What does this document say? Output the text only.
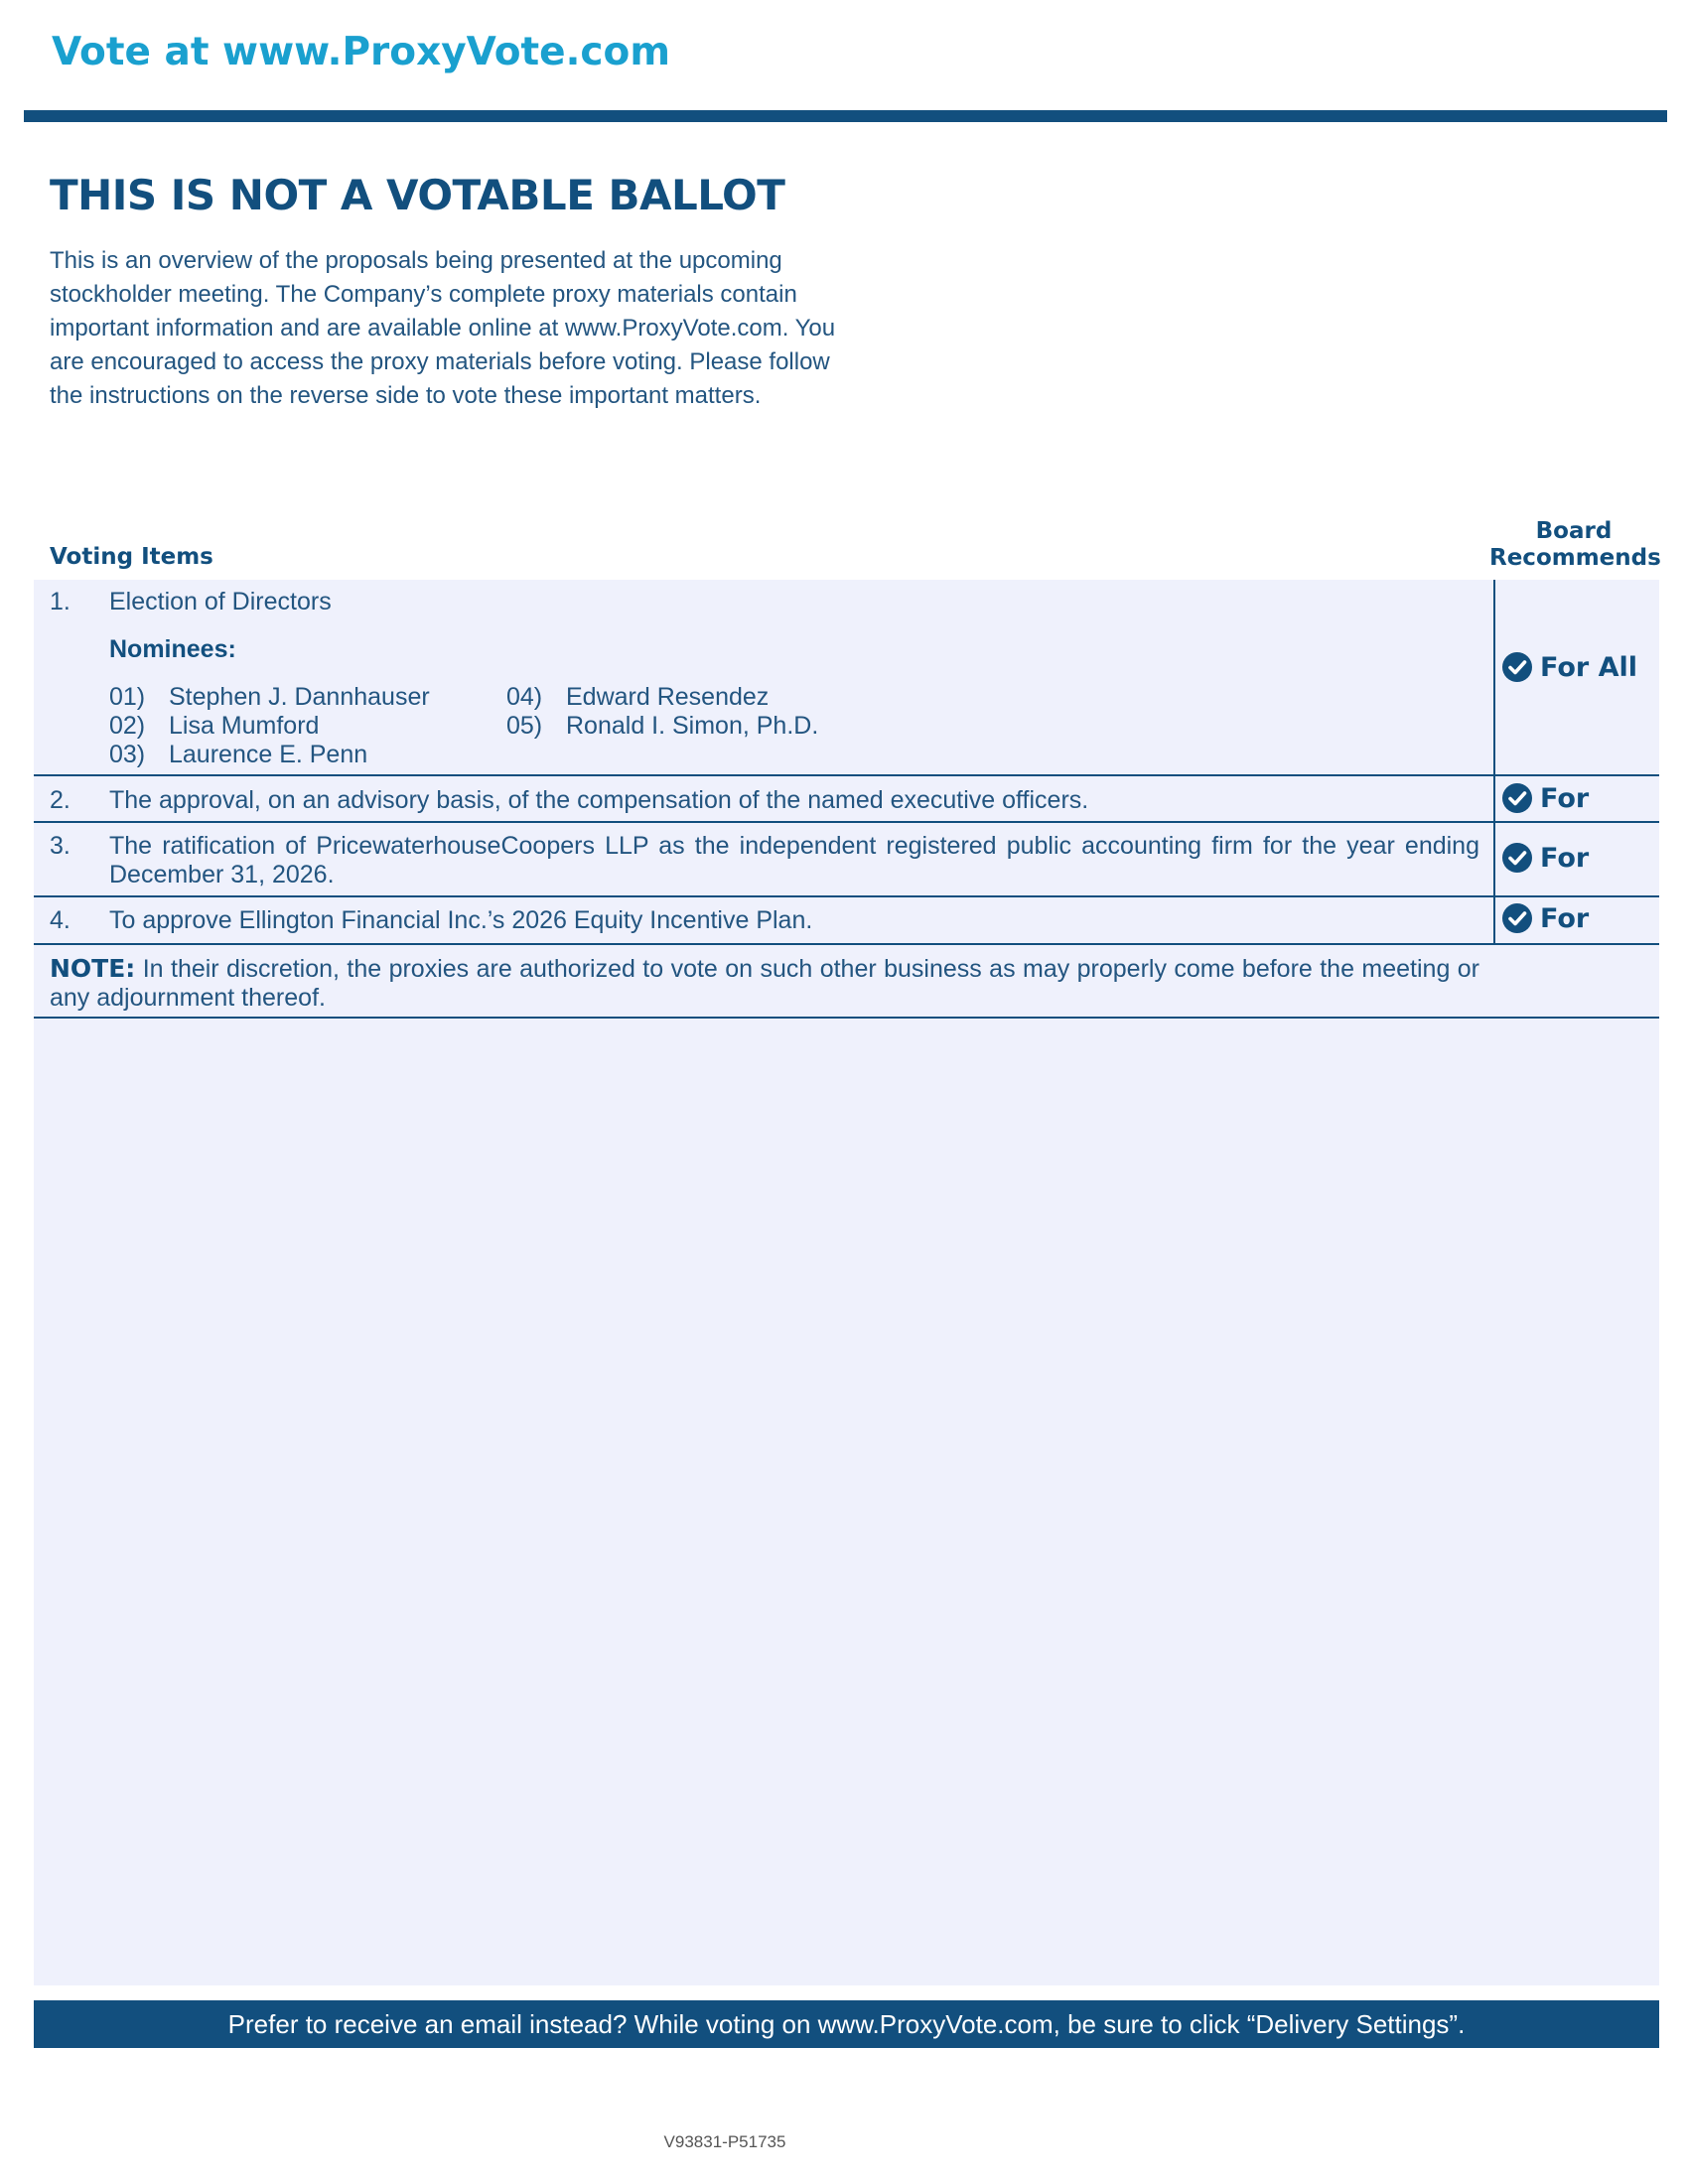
Vote at www.ProxyVote.com
THIS IS NOT A VOTABLE BALLOT
This is an overview of the proposals being presented at the upcoming stockholder meeting. The Company’s complete proxy materials contain important information and are available online at www.ProxyVote.com. You are encouraged to access the proxy materials before voting. Please follow the instructions on the reverse side to vote these important matters.
Voting Items
Board Recommends
1. Election of Directors
Nominees:
01) Stephen J. Dannhauser
02) Lisa Mumford
03) Laurence E. Penn
04) Edward Resendez
05) Ronald I. Simon, Ph.D.
For All
2. The approval, on an advisory basis, of the compensation of the named executive officers.	For
3. The ratification of PricewaterhouseCoopers LLP as the independent registered public accounting firm for the year ending December 31, 2026.
For
4. To approve Ellington Financial Inc.’s 2026 Equity Incentive Plan.	For
NOTE: In their discretion, the proxies are authorized to vote on such other business as may properly come before the meeting or any adjournment thereof.
Prefer to receive an email instead? While voting on www.ProxyVote.com, be sure to click “Delivery Settings”.
V93831-P51735
